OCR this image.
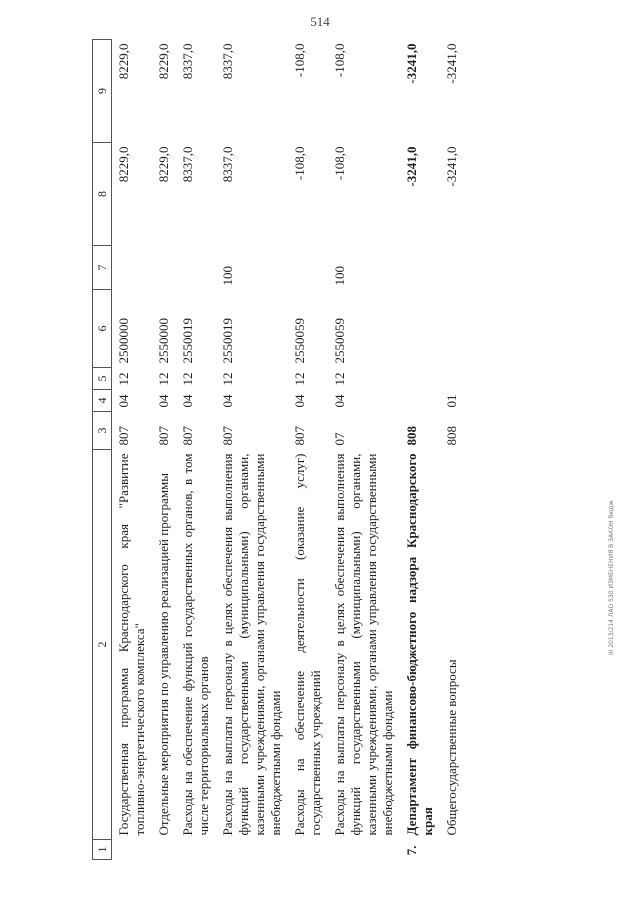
514
1	2	3	4	5	6	7	8	9
	Государственная программа Краснодарского края "Развитие топливно-энергетического комплекса"	807	04	12	2500000		8229,0	8229,0
	Отдельные мероприятия по управлению реализацией программы	807	04	12	2550000		8229,0	8229,0
	Расходы на обеспечение функций государственных органов, в том числе территориальных органов	807	04	12	2550019		8337,0	8337,0
	Расходы на выплаты персоналу в целях обеспечения выполнения функций государственными (муниципальными) органами, казенными учреждениями, органами управления государственными внебюджетными фондами	807	04	12	2550019	100	8337,0	8337,0
	Расходы на обеспечение деятельности (оказание услуг) государственных учреждений	807	04	12	2550059		-108,0	-108,0
	Расходы на выплаты персоналу в целях обеспечения выполнения функций государственными (муниципальными) органами, казенными учреждениями, органами управления государственными внебюджетными фондами	07	04	12	2550059	100	-108,0	-108,0
7.	Департамент финансово-бюджетного надзора Краснодарского края	808					-3241,0	-3241,0
	Общегосударственные вопросы	808	01				-3241,0	-3241,0
III 2013/214 ЛАО 530 ИЗМЕНЕНИЯ В ЗАКОН бюдж
